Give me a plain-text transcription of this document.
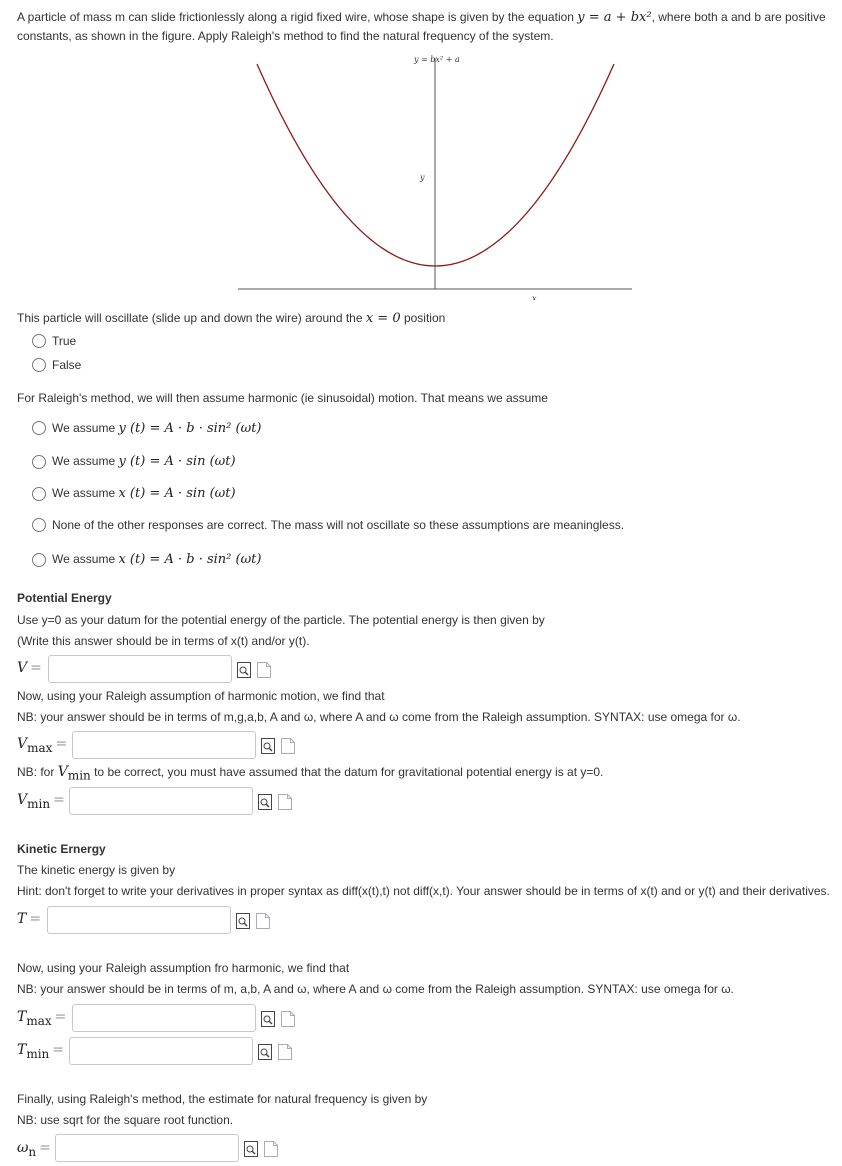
A particle of mass m can slide frictionlessly along a rigid fixed wire, whose shape is given by the equation y = a + bx², where both a and b are positive
constants, as shown in the figure. Apply Raleigh's method to find the natural frequency of the system.
y = bx² + a
y
x
This particle will oscillate (slide up and down the wire) around the x = 0 position
True
False
For Raleigh's method, we will then assume harmonic (ie sinusoidal) motion. That means we assume
We assume y (t) = A · b · sin² (ωt)
We assume y (t) = A · sin (ωt)
We assume x (t) = A · sin (ωt)
None of the other responses are correct. The mass will not oscillate so these assumptions are meaningless.
We assume x (t) = A · b · sin² (ωt)
Potential Energy
Use y=0 as your datum for the potential energy of the particle. The potential energy is then given by
(Write this answer should be in terms of x(t) and/or y(t).
V =
Now, using your Raleigh assumption of harmonic motion, we find that
NB: your answer should be in terms of m,g,a,b, A and ω, where A and ω come from the Raleigh assumption. SYNTAX: use omega for ω.
$V_{max}$ =
NB: for $V_{min}$ to be correct, you must have assumed that the datum for gravitational potential energy is at y=0.
$V_{min}$ =
Kinetic Ernergy
The kinetic energy is given by
Hint: don't forget to write your derivatives in proper syntax as diff(x(t),t) not diff(x,t). Your answer should be in terms of x(t) and or y(t) and their derivatives.
T =
Now, using your Raleigh assumption fro harmonic, we find that
NB: your answer should be in terms of m, a,b, A and ω, where A and ω come from the Raleigh assumption. SYNTAX: use omega for ω.
$T_{max}$ =
$T_{min}$ =
Finally, using Raleigh's method, the estimate for natural frequency is given by
NB: use sqrt for the square root function.
$\omega_n$ =
